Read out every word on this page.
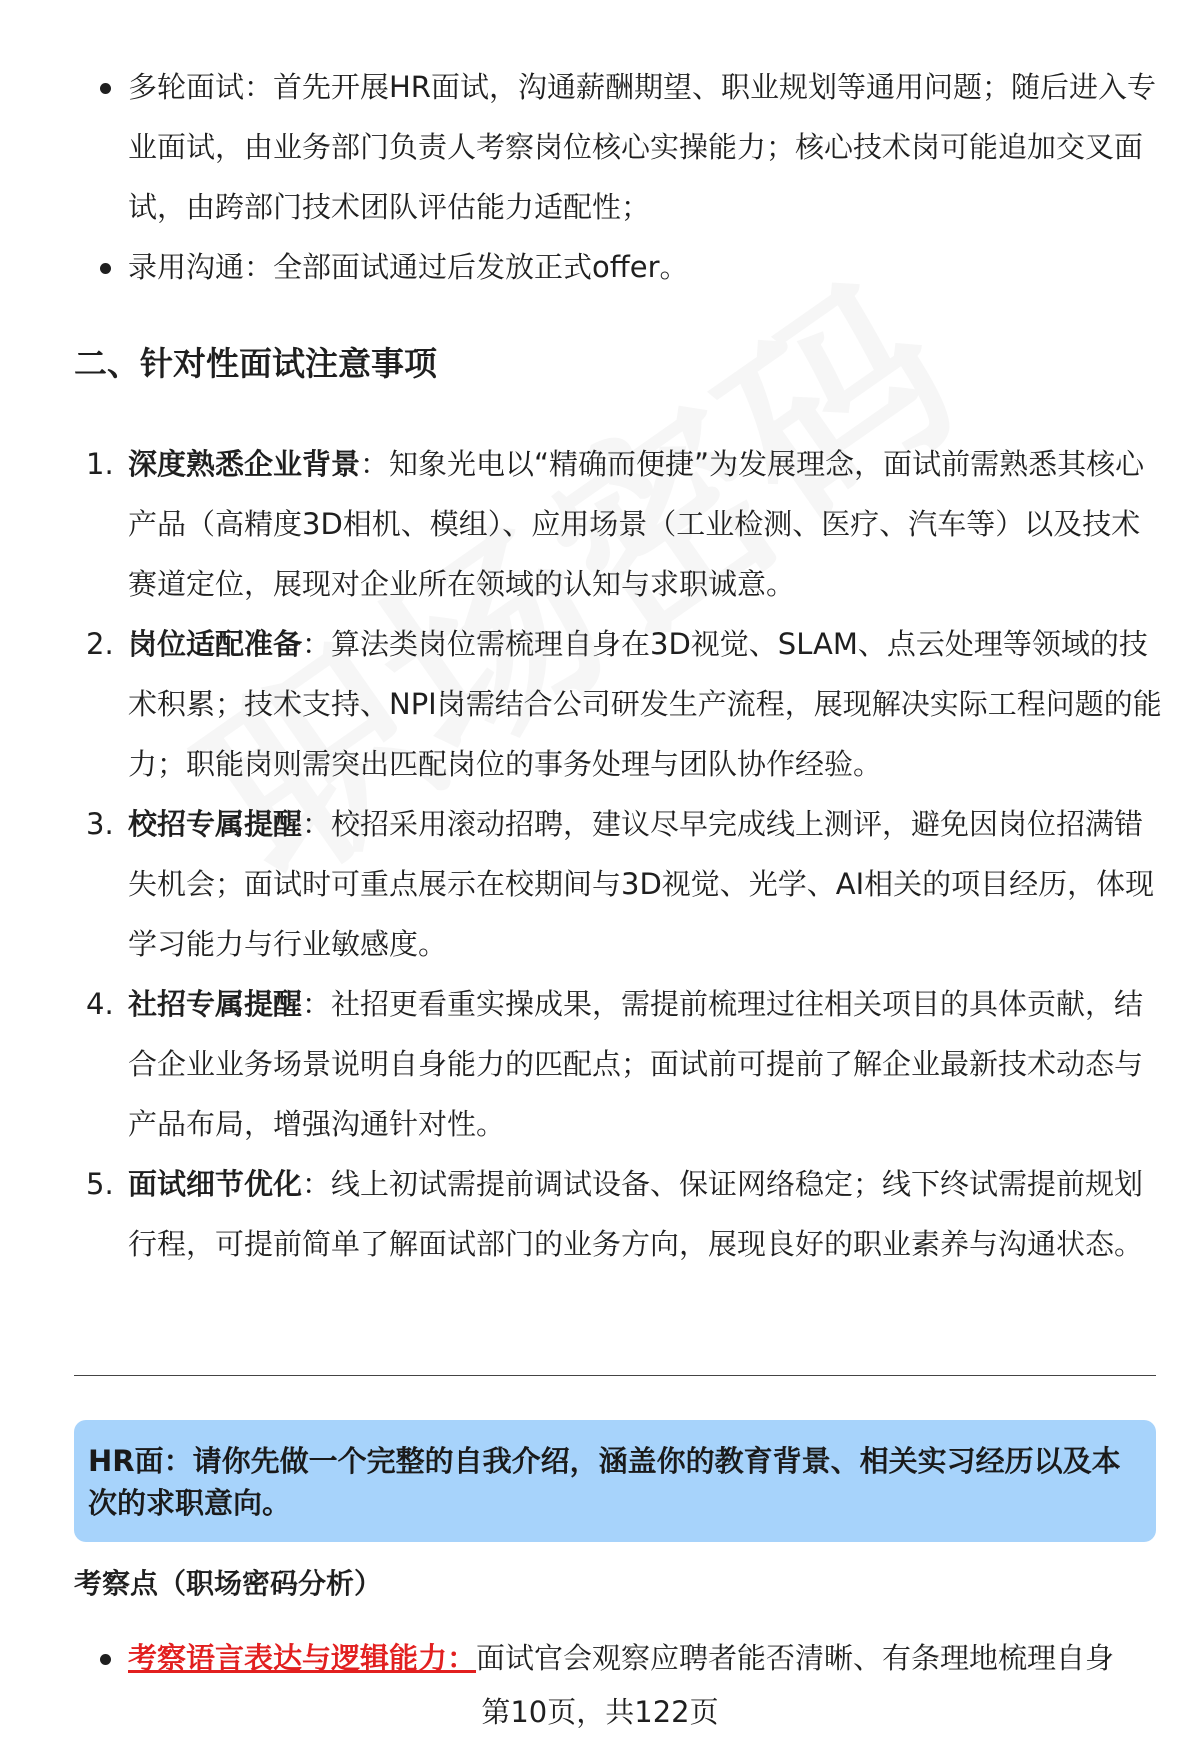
多轮面试：首先开展HR面试，沟通薪酬期望、职业规划等通用问题；随后进入专业面试，由业务部门负责人考察岗位核心实操能力；核心技术岗可能追加交叉面试，由跨部门技术团队评估能力适配性；
录用沟通：全部面试通过后发放正式offer。
二、针对性面试注意事项
1. 深度熟悉企业背景：知象光电以“精确而便捷”为发展理念，面试前需熟悉其核心产品（高精度3D相机、模组）、应用场景（工业检测、医疗、汽车等）以及技术赛道定位，展现对企业所在领域的认知与求职诚意。
2. 岗位适配准备：算法类岗位需梳理自身在3D视觉、SLAM、点云处理等领域的技术积累；技术支持、NPI岗需结合公司研发生产流程，展现解决实际工程问题的能力；职能岗则需突出匹配岗位的事务处理与团队协作经验。
3. 校招专属提醒：校招采用滚动招聘，建议尽早完成线上测评，避免因岗位招满错失机会；面试时可重点展示在校期间与3D视觉、光学、AI相关的项目经历，体现学习能力与行业敏感度。
4. 社招专属提醒：社招更看重实操成果，需提前梳理过往相关项目的具体贡献，结合企业业务场景说明自身能力的匹配点；面试前可提前了解企业最新技术动态与产品布局，增强沟通针对性。
5. 面试细节优化：线上初试需提前调试设备、保证网络稳定；线下终试需提前规划行程，可提前简单了解面试部门的业务方向，展现良好的职业素养与沟通状态。

HR面：请你先做一个完整的自我介绍，涵盖你的教育背景、相关实习经历以及本次的求职意向。

考察点（职场密码分析）
考察语言表达与逻辑能力：面试官会观察应聘者能否清晰、有条理地梳理自身
第10页，共122页
